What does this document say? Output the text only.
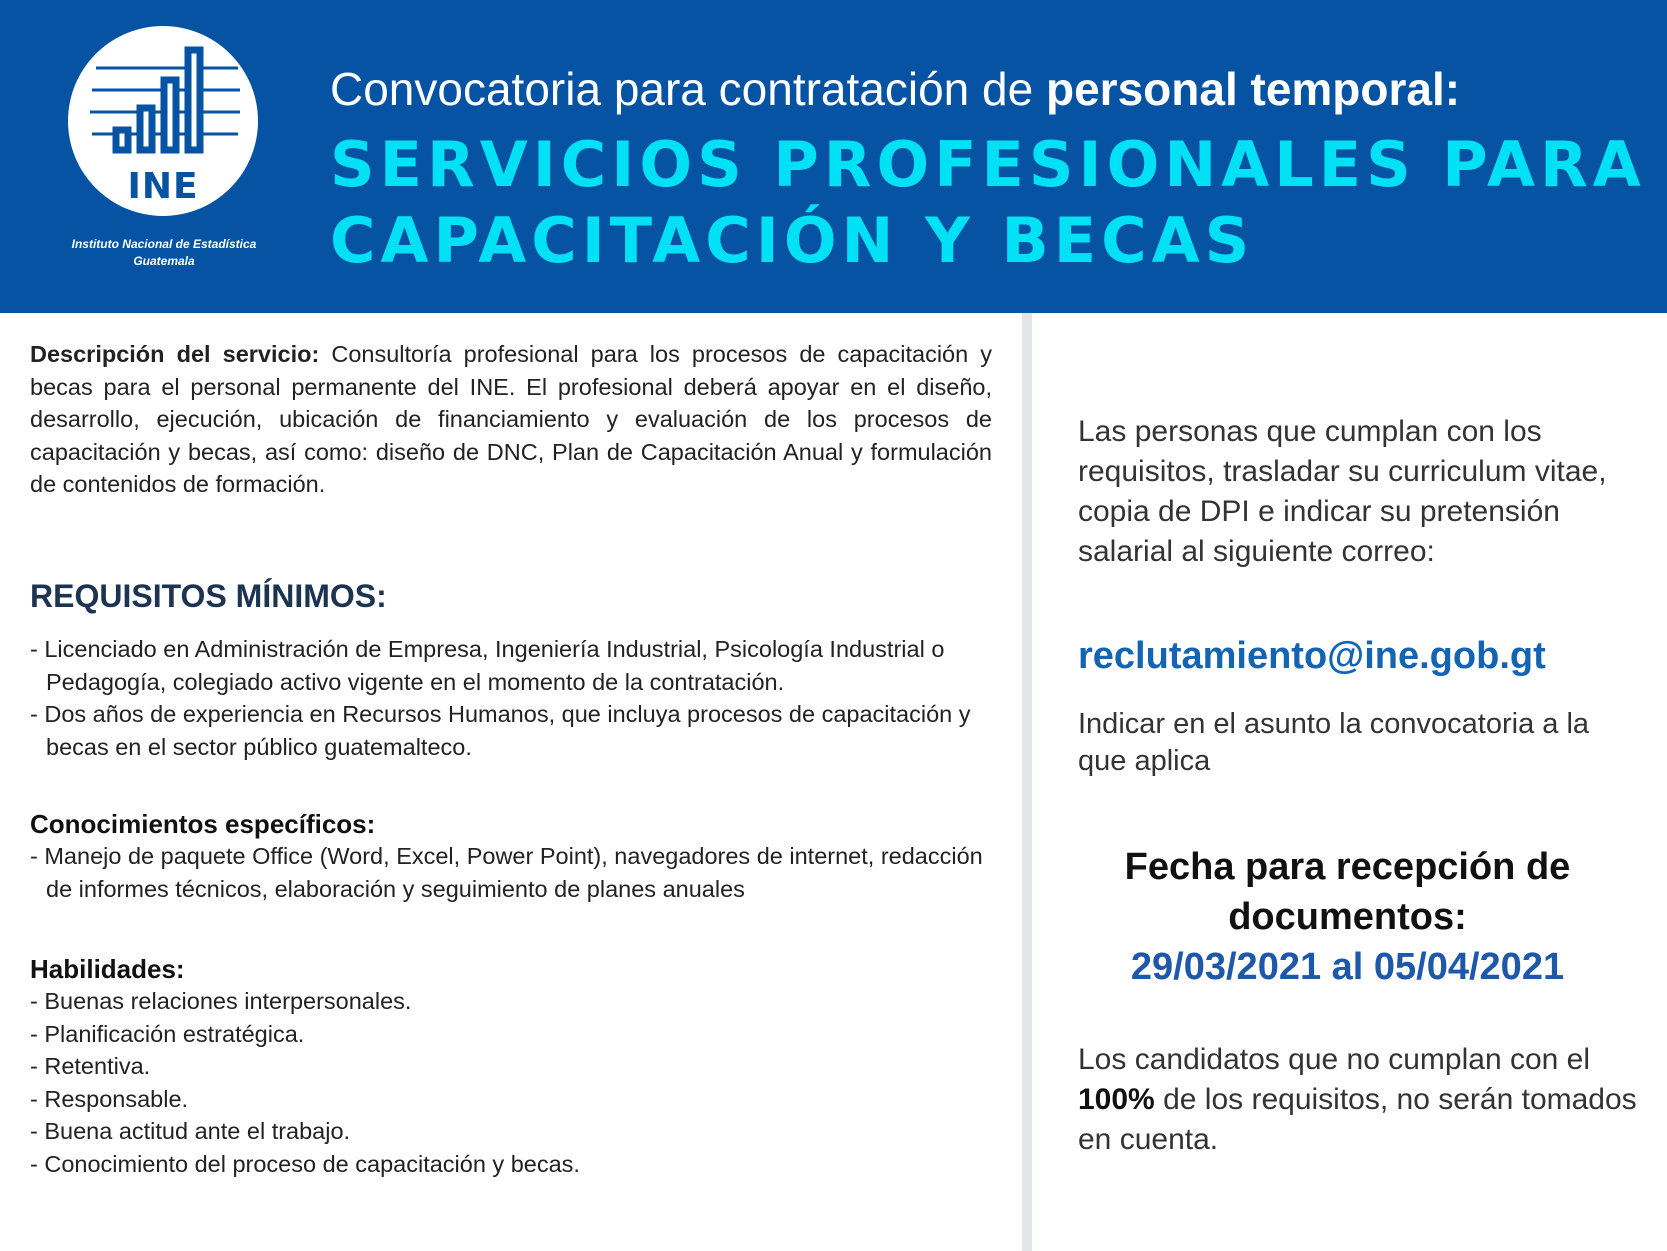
INE
Instituto Nacional de Estadística
Guatemala
Convocatoria para contratación de personal temporal:
SERVICIOS PROFESIONALES PARA
CAPACITACIÓN Y BECAS
Descripción del servicio: Consultoría profesional para los procesos de capacitación y becas para el personal permanente del INE. El profesional deberá apoyar en el diseño, desarrollo, ejecución, ubicación de financiamiento y evaluación de los procesos de capacitación y becas, así como: diseño de DNC, Plan de Capacitación Anual y formulación de contenidos de formación.
REQUISITOS MÍNIMOS:
- Licenciado en Administración de Empresa, Ingeniería Industrial, Psicología Industrial o Pedagogía, colegiado activo vigente en el momento de la contratación.
- Dos años de experiencia en Recursos Humanos, que incluya procesos de capacitación y becas en el sector público guatemalteco.
Conocimientos específicos:
- Manejo de paquete Office (Word, Excel, Power Point), navegadores de internet, redacción de informes técnicos, elaboración y seguimiento de planes anuales
Habilidades:
- Buenas relaciones interpersonales.
- Planificación estratégica.
- Retentiva.
- Responsable.
- Buena actitud ante el trabajo.
- Conocimiento del proceso de capacitación y becas.
Las personas que cumplan con los requisitos, trasladar su curriculum vitae, copia de DPI e indicar su pretensión salarial al siguiente correo:
reclutamiento@ine.gob.gt
Indicar en el asunto la convocatoria a la que aplica
Fecha para recepción de
documentos:
29/03/2021 al 05/04/2021
Los candidatos que no cumplan con el 100% de los requisitos, no serán tomados en cuenta.
